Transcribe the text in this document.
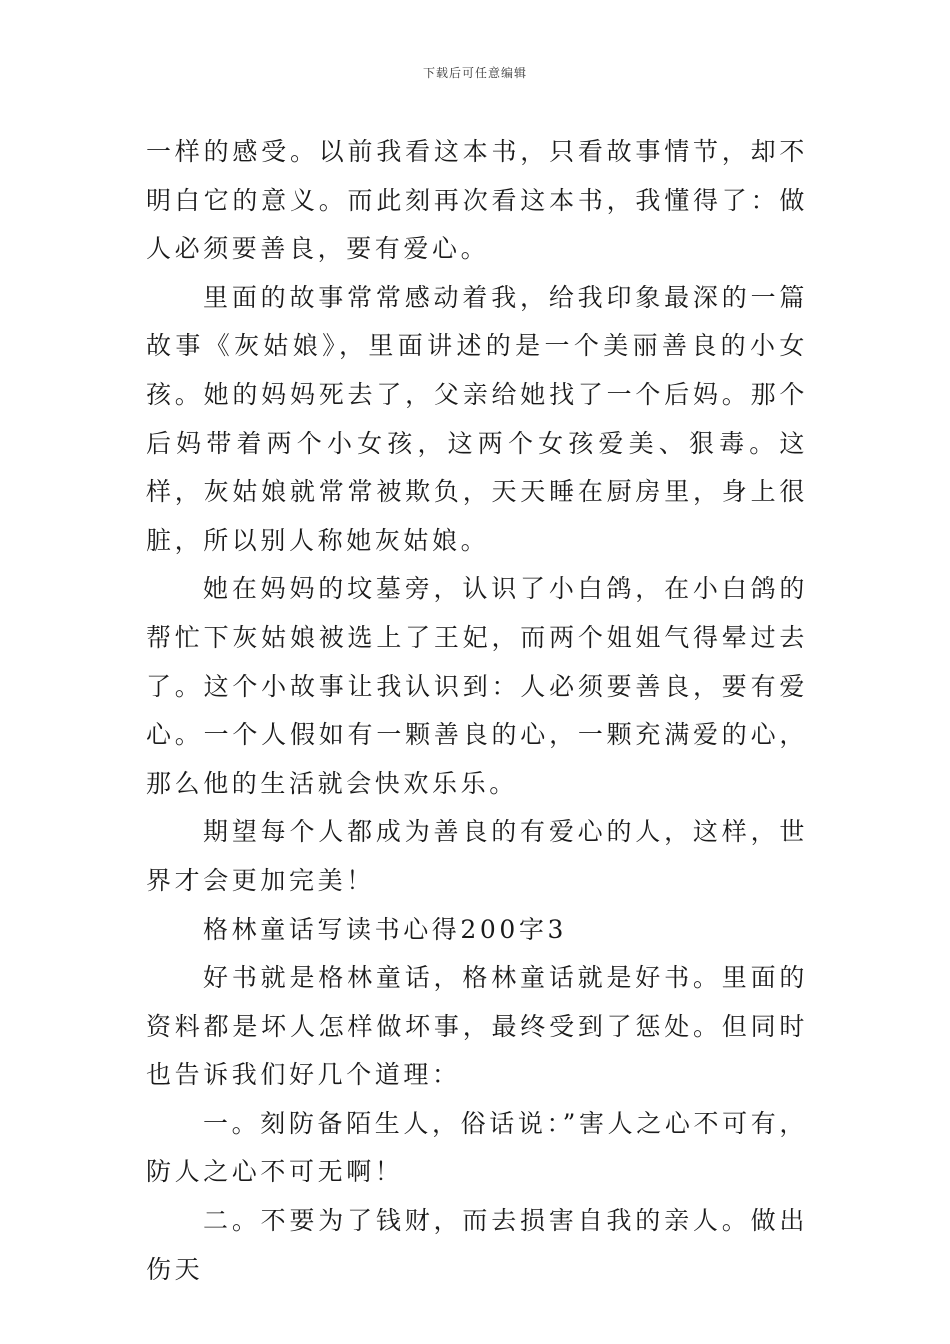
下载后可任意编辑

一样的感受。以前我看这本书，只看故事情节，却不明白它的意义。而此刻再次看这本书，我懂得了：做人必须要善良，要有爱心。

里面的故事常常感动着我，给我印象最深的一篇故事《灰姑娘》，里面讲述的是一个美丽善良的小女孩。她的妈妈死去了，父亲给她找了一个后妈。那个后妈带着两个小女孩，这两个女孩爱美、狠毒。这样，灰姑娘就常常被欺负，天天睡在厨房里，身上很脏，所以别人称她灰姑娘。

她在妈妈的坟墓旁，认识了小白鸽，在小白鸽的帮忙下灰姑娘被选上了王妃，而两个姐姐气得晕过去了。这个小故事让我认识到：人必须要善良，要有爱心。一个人假如有一颗善良的心，一颗充满爱的心，那么他的生活就会快欢乐乐。

期望每个人都成为善良的有爱心的人，这样，世界才会更加完美！

格林童话写读书心得200字3

好书就是格林童话，格林童话就是好书。里面的资料都是坏人怎样做坏事，最终受到了惩处。但同时也告诉我们好几个道理：

一。刻防备陌生人，俗话说：”害人之心不可有，防人之心不可无啊！

二。不要为了钱财，而去损害自我的亲人。做出伤天
